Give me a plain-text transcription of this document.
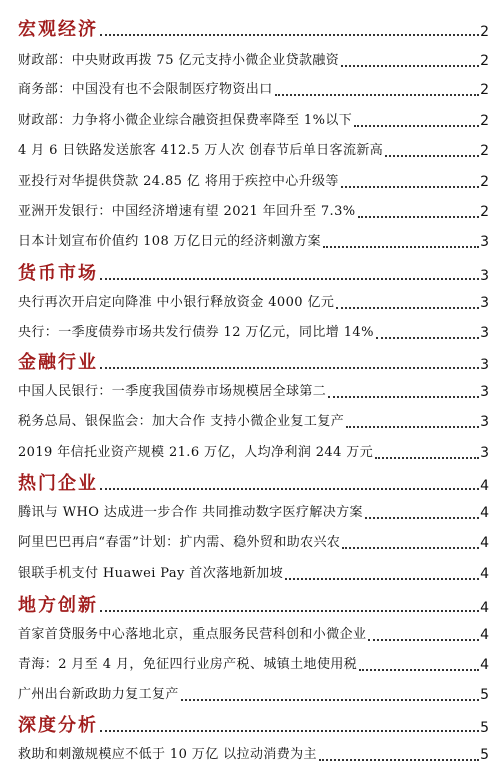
宏观经济	2
财政部：中央财政再拨 75 亿元支持小微企业贷款融资	2
商务部：中国没有也不会限制医疗物资出口	2
财政部：力争将小微企业综合融资担保费率降至 1%以下	2
4 月 6 日铁路发送旅客 412.5 万人次 创春节后单日客流新高	2
亚投行对华提供贷款 24.85 亿 将用于疾控中心升级等	2
亚洲开发银行：中国经济增速有望 2021 年回升至 7.3%	2
日本计划宣布价值约 108 万亿日元的经济刺激方案	3
货币市场	3
央行再次开启定向降准 中小银行释放资金 4000 亿元	3
央行：一季度债券市场共发行债券 12 万亿元，同比增 14%	3
金融行业	3
中国人民银行：一季度我国债券市场规模居全球第二	3
税务总局、银保监会：加大合作 支持小微企业复工复产	3
2019 年信托业资产规模 21.6 万亿，人均净利润 244 万元	3
热门企业	4
腾讯与 WHO 达成进一步合作 共同推动数字医疗解决方案	4
阿里巴巴再启“春雷”计划：扩内需、稳外贸和助农兴农	4
银联手机支付 Huawei Pay 首次落地新加坡	4
地方创新	4
首家首贷服务中心落地北京，重点服务民营科创和小微企业	4
青海：2 月至 4 月，免征四行业房产税、城镇土地使用税	4
广州出台新政助力复工复产	5
深度分析	5
救助和刺激规模应不低于 10 万亿 以拉动消费为主	5
